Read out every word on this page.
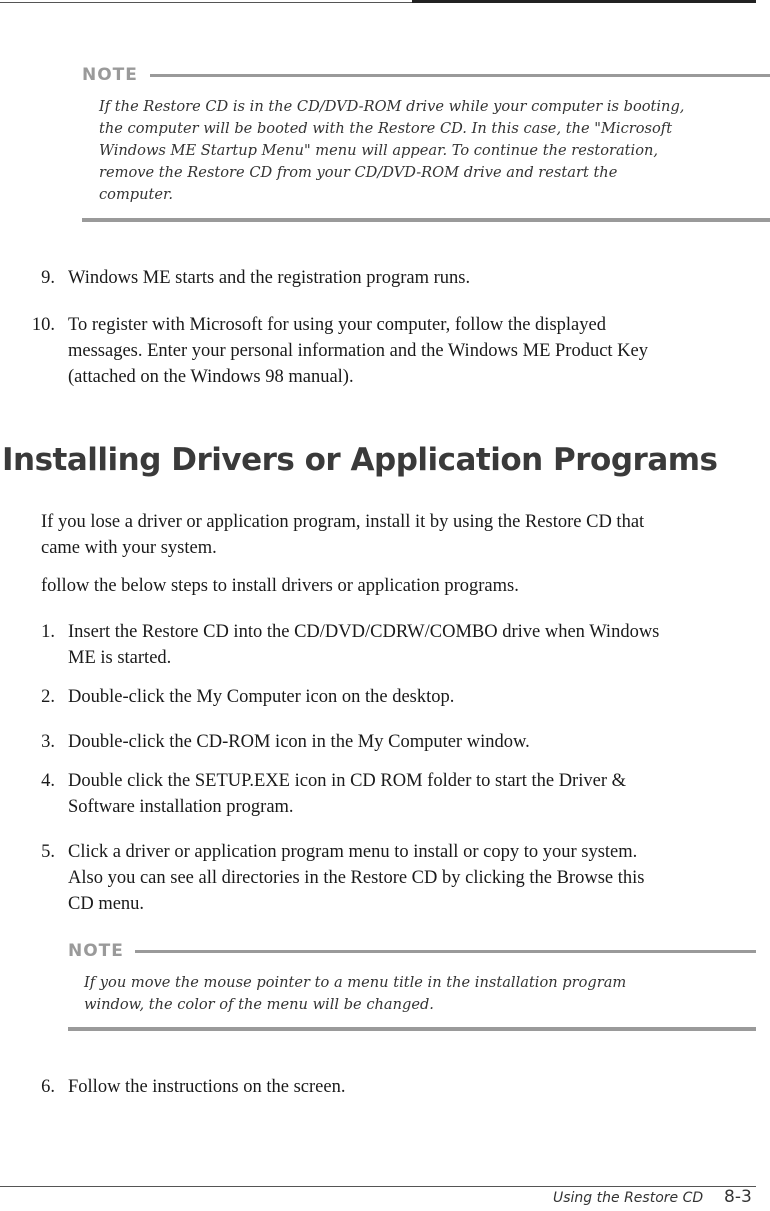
NOTE
If the Restore CD is in the CD/DVD-ROM drive while your computer is booting,
the computer will be booted with the Restore CD. In this case, the "Microsoft
Windows ME Startup Menu" menu will appear. To continue the restoration,
remove the Restore CD from your CD/DVD-ROM drive and restart the
computer.
9. Windows ME starts and the registration program runs.
10. To register with Microsoft for using your computer, follow the displayed
messages. Enter your personal information and the Windows ME Product Key
(attached on the Windows 98 manual).
Installing Drivers or Application Programs
If you lose a driver or application program, install it by using the Restore CD that
came with your system.
follow the below steps to install drivers or application programs.
1. Insert the Restore CD into the CD/DVD/CDRW/COMBO drive when Windows
ME is started.
2. Double-click the My Computer icon on the desktop.
3. Double-click the CD-ROM icon in the My Computer window.
4. Double click the SETUP.EXE icon in CD ROM folder to start the Driver &
Software installation program.
5. Click a driver or application program menu to install or copy to your system.
Also you can see all directories in the Restore CD by clicking the Browse this
CD menu.
NOTE
If you move the mouse pointer to a menu title in the installation program
window, the color of the menu will be changed.
6. Follow the instructions on the screen.
Using the Restore CD 8-3
